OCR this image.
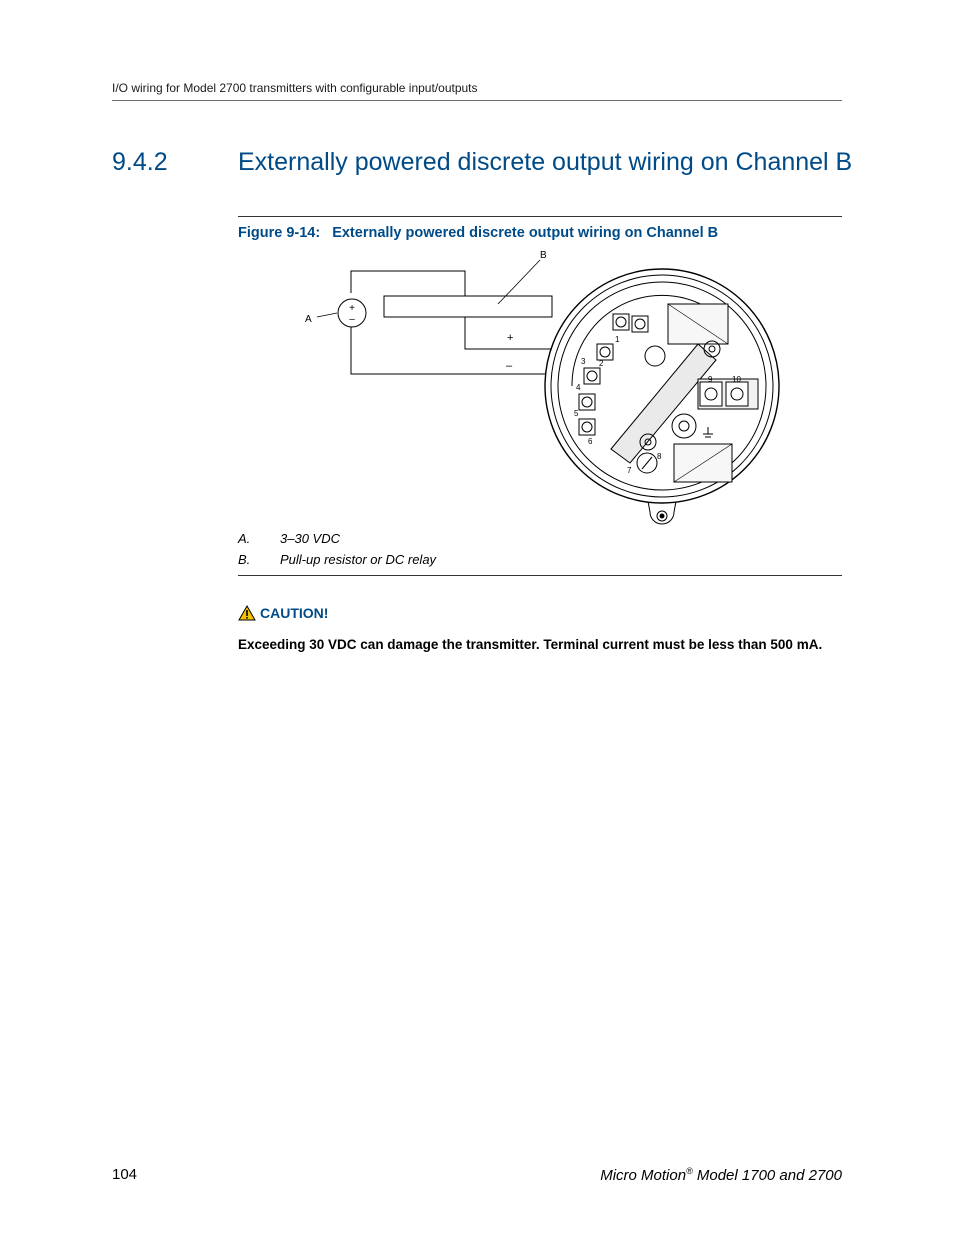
I/O wiring for Model 2700 transmitters with configurable input/outputs
9.4.2	Externally powered discrete output wiring on Channel B
Figure 9-14: Externally powered discrete output wiring on Channel B
+
–
A
B
+
–
1
2
3
4
5
6
7
8
9 10
A. 3–30 VDC
B. Pull-up resistor or DC relay
CAUTION!
Exceeding 30 VDC can damage the transmitter. Terminal current must be less than 500 mA.
104	Micro Motion® Model 1700 and 2700
